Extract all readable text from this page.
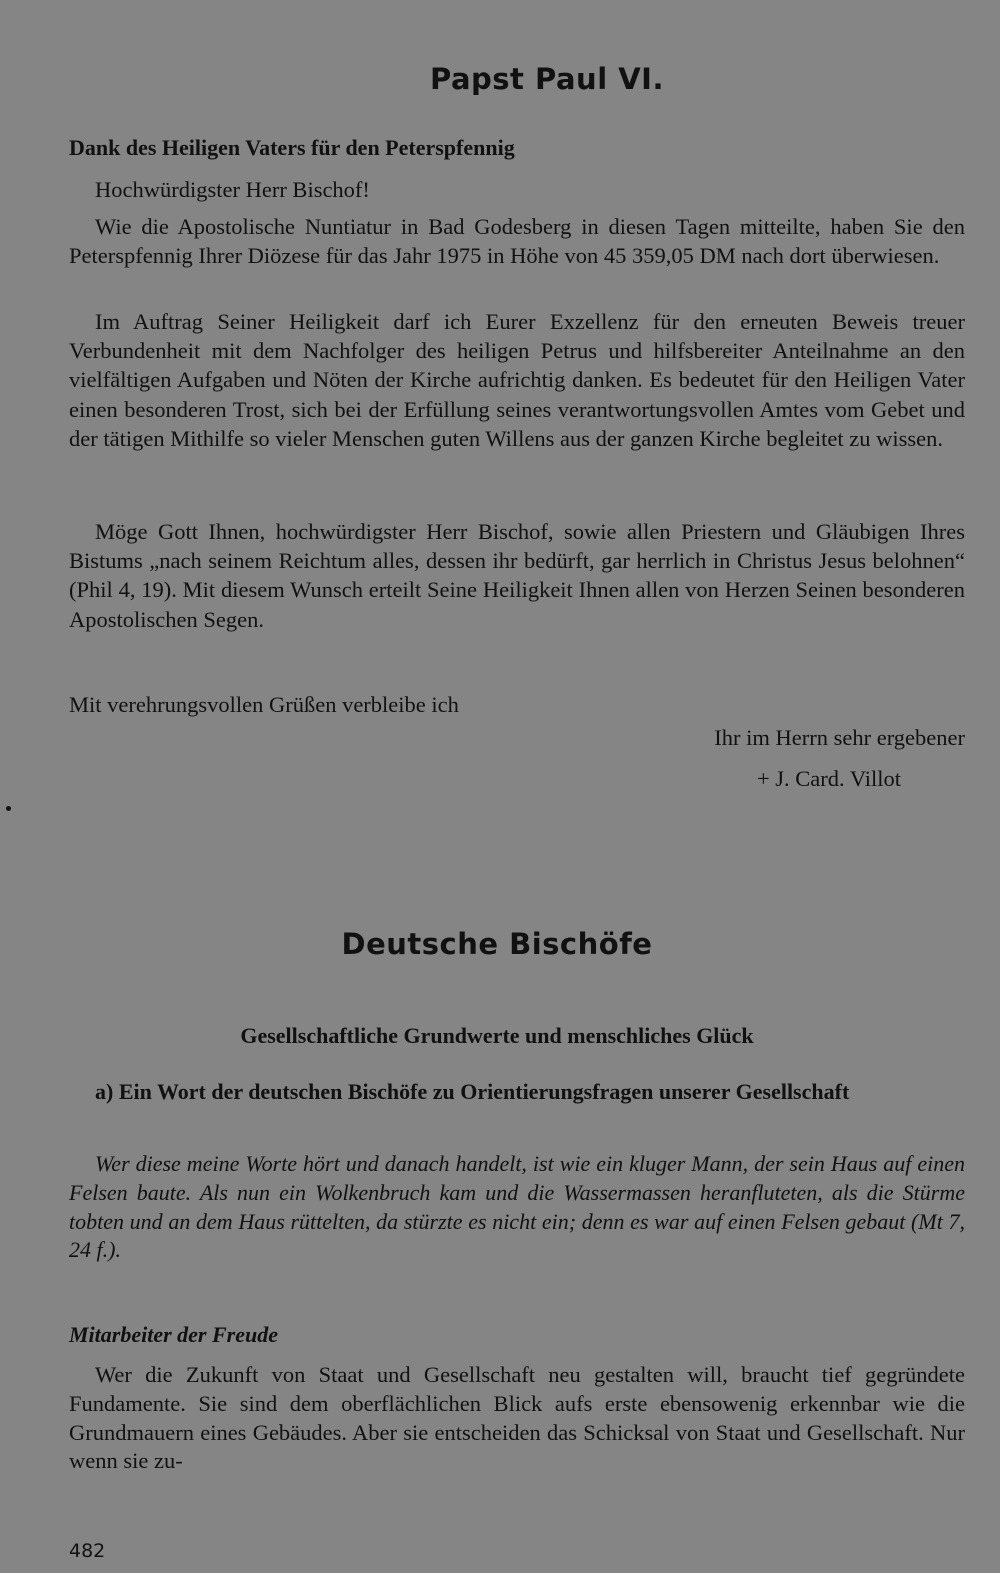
Papst Paul VI.
Dank des Heiligen Vaters für den Peterspfennig

Hochwürdigster Herr Bischof!

Wie die Apostolische Nuntiatur in Bad Godesberg in diesen Tagen mitteilte, haben Sie den Peterspfennig Ihrer Diözese für das Jahr 1975 in Höhe von 45 359,05 DM nach dort überwiesen.

Im Auftrag Seiner Heiligkeit darf ich Eurer Exzellenz für den erneuten Beweis treuer Verbundenheit mit dem Nachfolger des heiligen Petrus und hilfsbereiter Anteilnahme an den vielfältigen Aufgaben und Nöten der Kirche aufrichtig danken. Es bedeutet für den Heiligen Vater einen besonderen Trost, sich bei der Erfüllung seines verantwortungsvollen Amtes vom Gebet und der tätigen Mithilfe so vieler Menschen guten Willens aus der ganzen Kirche begleitet zu wissen.

Möge Gott Ihnen, hochwürdigster Herr Bischof, sowie allen Priestern und Gläubigen Ihres Bistums „nach seinem Reichtum alles, dessen ihr bedürft, gar herrlich in Christus Jesus belohnen“ (Phil 4, 19). Mit diesem Wunsch erteilt Seine Heiligkeit Ihnen allen von Herzen Seinen besonderen Apostolischen Segen.

Mit verehrungsvollen Grüßen verbleibe ich

Ihr im Herrn sehr ergebener

+ J. Card. Villot

Deutsche Bischöfe
Gesellschaftliche Grundwerte und menschliches Glück
a) Ein Wort der deutschen Bischöfe zu Orientierungsfragen unserer Gesellschaft

Wer diese meine Worte hört und danach handelt, ist wie ein kluger Mann, der sein Haus auf einen Felsen baute. Als nun ein Wolkenbruch kam und die Wassermassen heranfluteten, als die Stürme tobten und an dem Haus rüttelten, da stürzte es nicht ein; denn es war auf einen Felsen gebaut (Mt 7, 24 f.).

Mitarbeiter der Freude

Wer die Zukunft von Staat und Gesellschaft neu gestalten will, braucht tief gegründete Fundamente. Sie sind dem oberflächlichen Blick aufs erste ebensowenig erkennbar wie die Grundmauern eines Gebäudes. Aber sie entscheiden das Schicksal von Staat und Gesellschaft. Nur wenn sie zu-

482
